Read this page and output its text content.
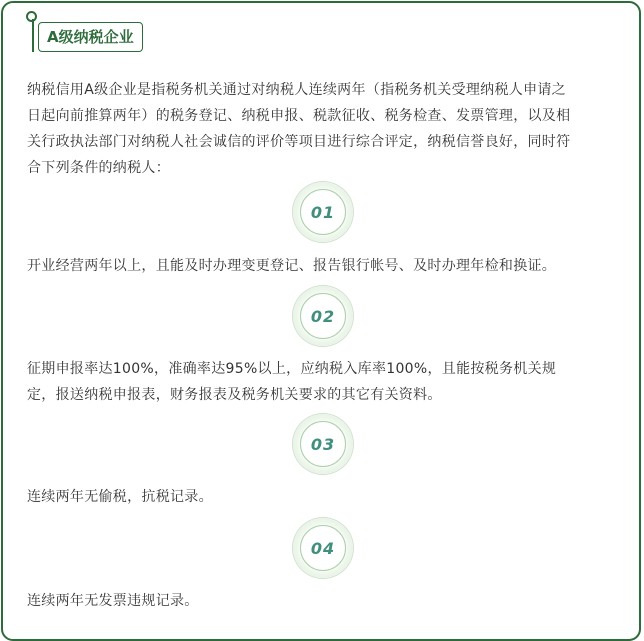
A级纳税企业
纳税信用A级企业是指税务机关通过对纳税人连续两年（指税务机关受理纳税人申请之
日起向前推算两年）的税务登记、纳税申报、税款征收、税务检查、发票管理，以及相
关行政执法部门对纳税人社会诚信的评价等项目进行综合评定，纳税信誉良好，同时符
合下列条件的纳税人：
01
开业经营两年以上，且能及时办理变更登记、报告银行帐号、及时办理年检和换证。
02
征期申报率达100%，准确率达95%以上，应纳税入库率100%，且能按税务机关规
定，报送纳税申报表，财务报表及税务机关要求的其它有关资料。
03
连续两年无偷税，抗税记录。
04
连续两年无发票违规记录。
